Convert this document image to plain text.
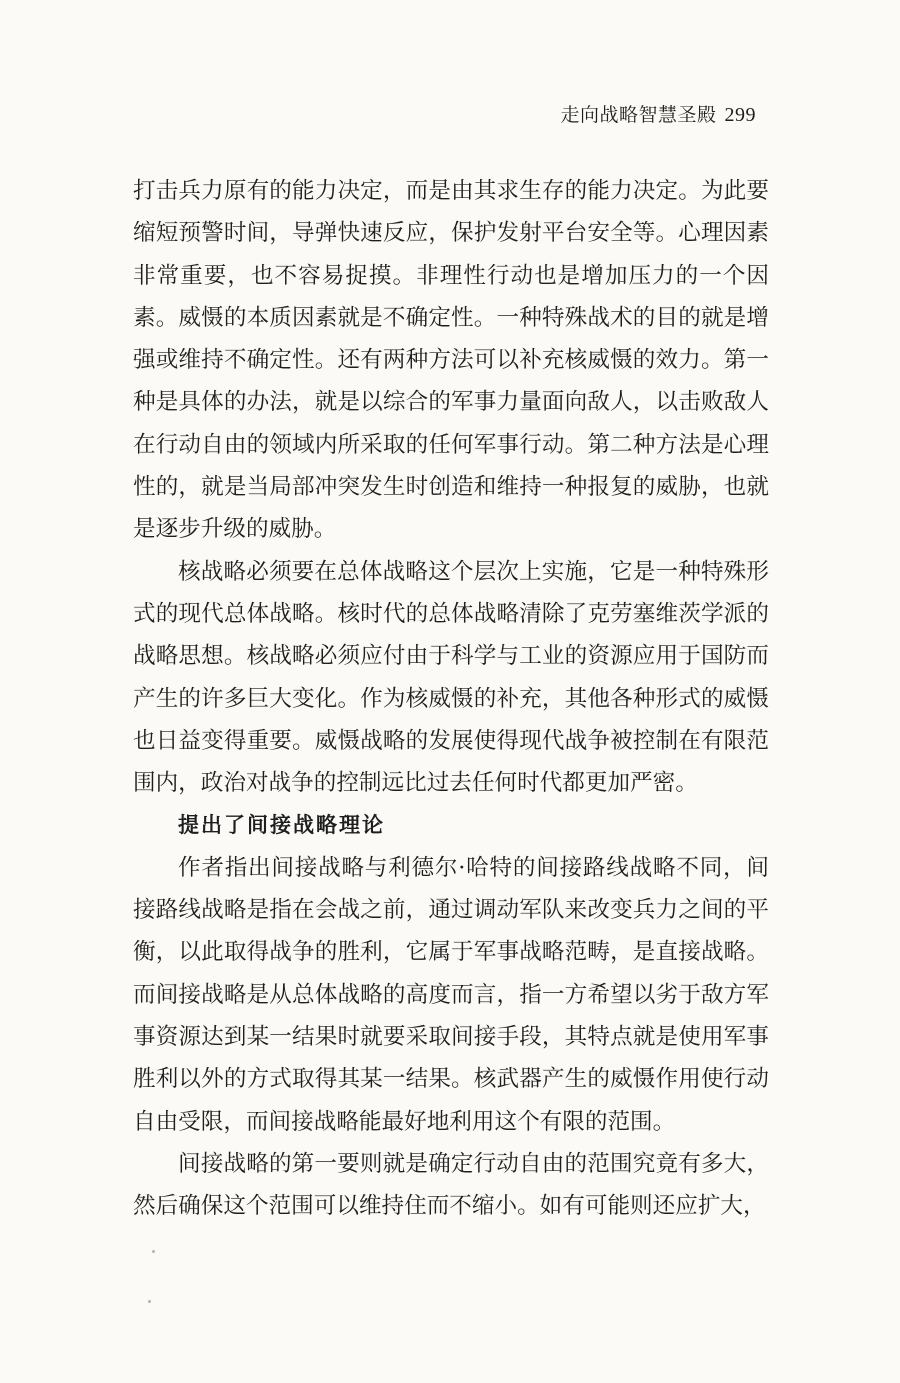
走向战略智慧圣殿 299

打击兵力原有的能力决定，而是由其求生存的能力决定。为此要缩短预警时间，导弹快速反应，保护发射平台安全等。心理因素非常重要，也不容易捉摸。非理性行动也是增加压力的一个因素。威慑的本质因素就是不确定性。一种特殊战术的目的就是增强或维持不确定性。还有两种方法可以补充核威慑的效力。第一种是具体的办法，就是以综合的军事力量面向敌人，以击败敌人在行动自由的领域内所采取的任何军事行动。第二种方法是心理性的，就是当局部冲突发生时创造和维持一种报复的威胁，也就是逐步升级的威胁。

核战略必须要在总体战略这个层次上实施，它是一种特殊形式的现代总体战略。核时代的总体战略清除了克劳塞维茨学派的战略思想。核战略必须应付由于科学与工业的资源应用于国防而产生的许多巨大变化。作为核威慑的补充，其他各种形式的威慑也日益变得重要。威慑战略的发展使得现代战争被控制在有限范围内，政治对战争的控制远比过去任何时代都更加严密。

提出了间接战略理论

作者指出间接战略与利德尔·哈特的间接路线战略不同，间接路线战略是指在会战之前，通过调动军队来改变兵力之间的平衡，以此取得战争的胜利，它属于军事战略范畴，是直接战略。而间接战略是从总体战略的高度而言，指一方希望以劣于敌方军事资源达到某一结果时就要采取间接手段，其特点就是使用军事胜利以外的方式取得其某一结果。核武器产生的威慑作用使行动自由受限，而间接战略能最好地利用这个有限的范围。

间接战略的第一要则就是确定行动自由的范围究竟有多大，然后确保这个范围可以维持住而不缩小。如有可能则还应扩大，
